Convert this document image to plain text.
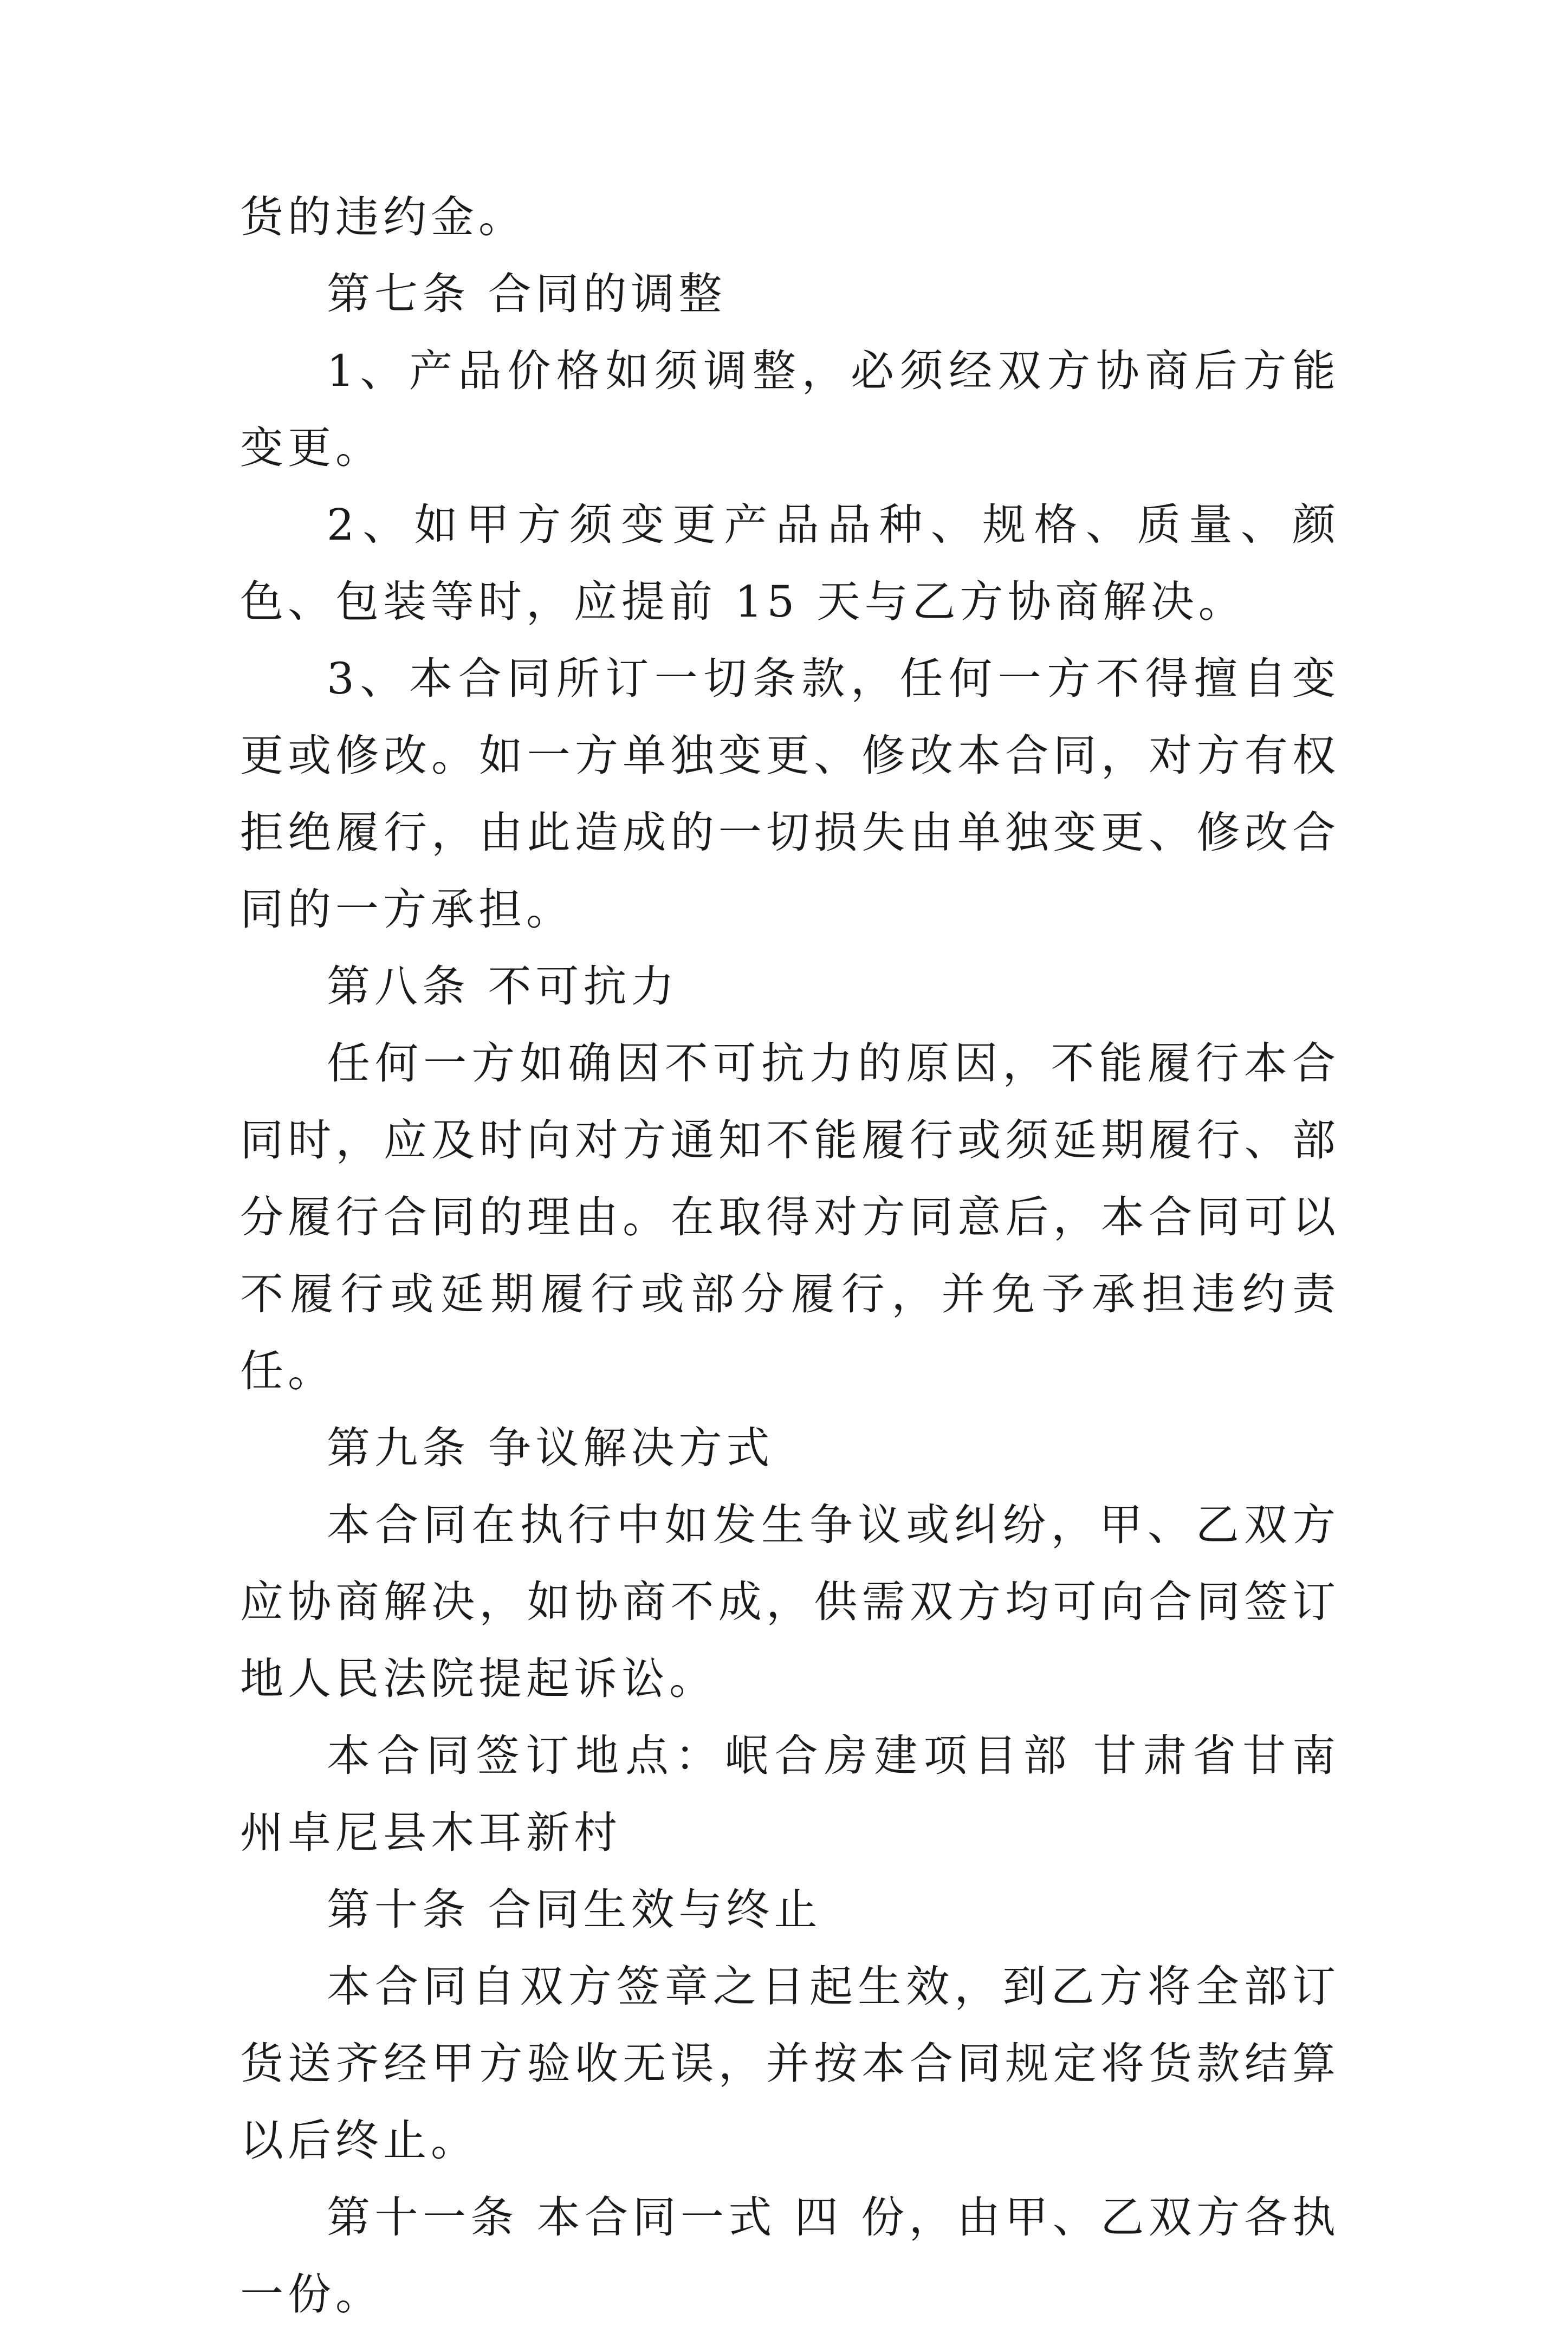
货的违约金。

第七条 合同的调整

1、产品价格如须调整，必须经双方协商后方能变更。

2、如甲方须变更产品品种、规格、质量、颜色、包装等时，应提前 15 天与乙方协商解决。

3、本合同所订一切条款，任何一方不得擅自变更或修改。如一方单独变更、修改本合同，对方有权拒绝履行，由此造成的一切损失由单独变更、修改合同的一方承担。

第八条 不可抗力

任何一方如确因不可抗力的原因，不能履行本合同时，应及时向对方通知不能履行或须延期履行、部分履行合同的理由。在取得对方同意后，本合同可以不履行或延期履行或部分履行，并免予承担违约责任。

第九条 争议解决方式

本合同在执行中如发生争议或纠纷，甲、乙双方应协商解决，如协商不成，供需双方均可向合同签订地人民法院提起诉讼。

本合同签订地点：岷合房建项目部 甘肃省甘南州卓尼县木耳新村

第十条 合同生效与终止

本合同自双方签章之日起生效，到乙方将全部订货送齐经甲方验收无误，并按本合同规定将货款结算以后终止。

第十一条 本合同一式 四 份，由甲、乙双方各执 一份。
